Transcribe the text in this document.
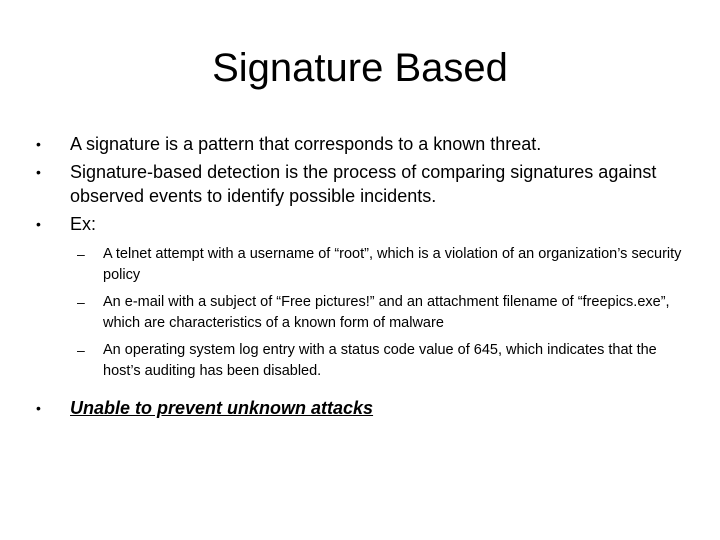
Signature Based
•	A signature is a pattern that corresponds to a known threat.
•	Signature-based detection is the process of comparing signatures against observed events to identify possible incidents.
•	Ex:
–	A telnet attempt with a username of “root”, which is a violation of an organization’s security policy
–	An e-mail with a subject of “Free pictures!” and an attachment filename of “freepics.exe”, which are characteristics of a known form of malware
–	An operating system log entry with a status code value of 645, which indicates that the host’s auditing has been disabled.
•	Unable to prevent unknown attacks
